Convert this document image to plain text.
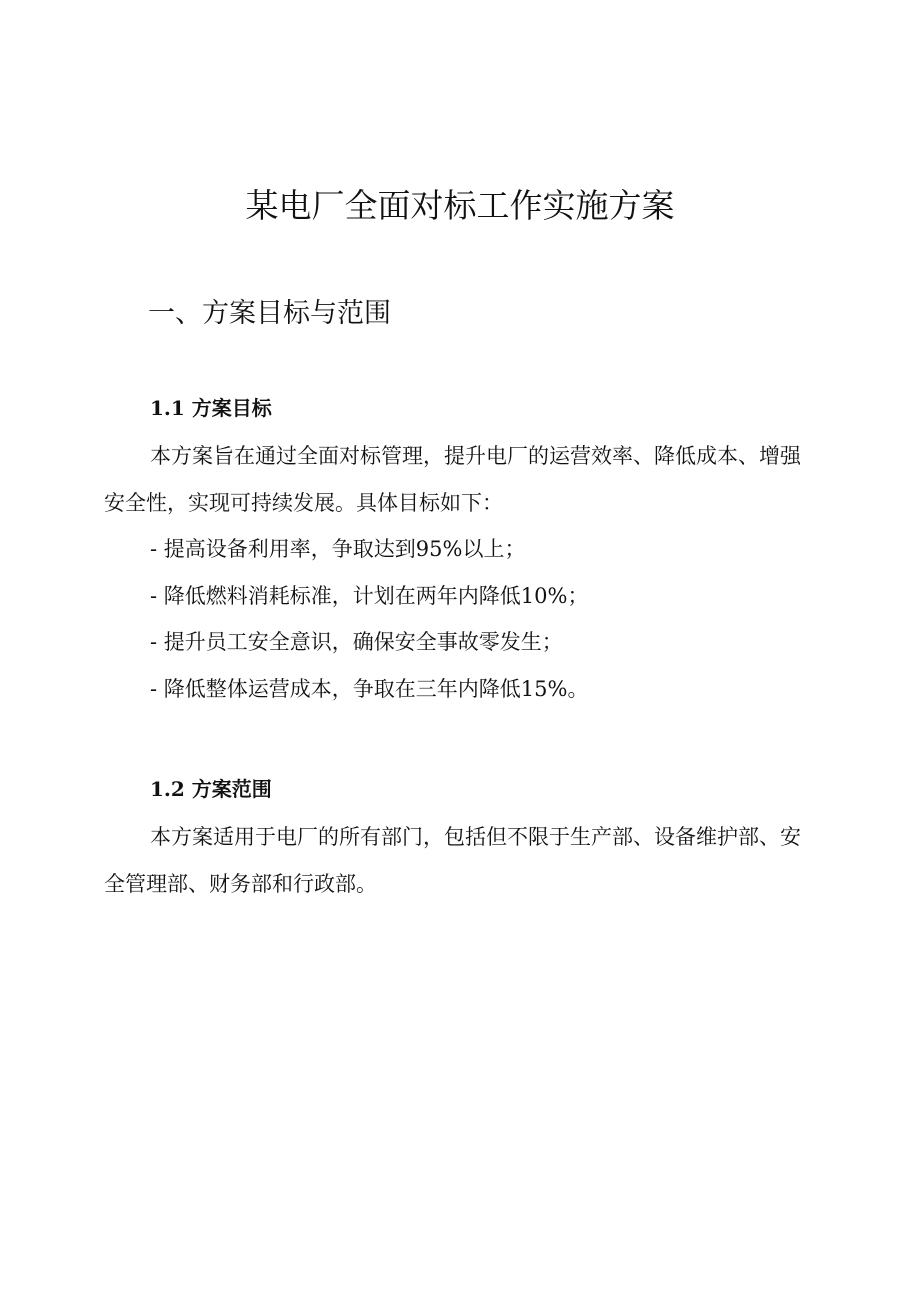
某电厂全面对标工作实施方案
一、方案目标与范围
1.1 方案目标

本方案旨在通过全面对标管理，提升电厂的运营效率、降低成本、增强安全性，实现可持续发展。具体目标如下：

- 提高设备利用率，争取达到95%以上；
- 降低燃料消耗标准，计划在两年内降低10%；
- 提升员工安全意识，确保安全事故零发生；
- 降低整体运营成本，争取在三年内降低15%。
1.2 方案范围

本方案适用于电厂的所有部门，包括但不限于生产部、设备维护部、安全管理部、财务部和行政部。
